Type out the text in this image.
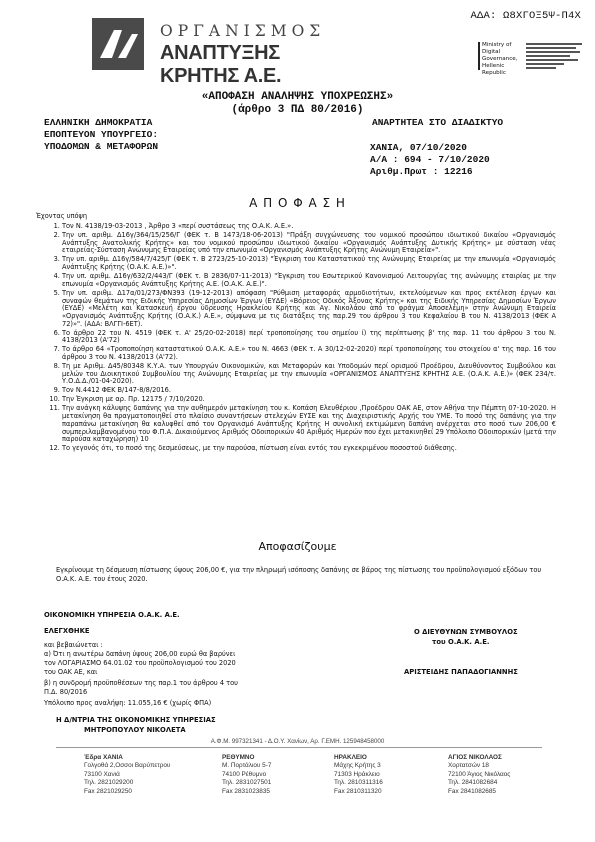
ΑΔΑ: Ω8ΧΓΟΞ5Ψ-Π4Χ
ΟΡΓΑΝΙΣΜΟΣ
ΑΝΑΠΤΥΞΗΣ ΚΡΗΤΗΣ Α.Ε.
Ministry of Digital Governance, Hellenic Republic
«ΑΠΟΦΑΣΗ ΑΝΑΛΗΨΗΣ ΥΠΟΧΡΕΩΣΗΣ»
(άρθρο 3 ΠΔ 80/2016)
ΕΛΛΗΝΙΚΗ ΔΗΜΟΚΡΑΤΙΑ
ΕΠΟΠΤΕΥΟΝ ΥΠΟΥΡΓΕΙΟ:
ΥΠΟΔΟΜΩΝ & ΜΕΤΑΦΟΡΩΝ
ΑΝΑΡΤΗΤΕΑ ΣΤΟ ΔΙΑΔΙΚΤΥΟ
ΧΑΝΙΑ, 07/10/2020
Α/Α : 694 - 7/10/2020
Αριθμ.Πρωτ : 12216
Α Π Ο Φ Α Σ Η
Έχοντας υπόψη
1. Τον Ν. 4138/19-03-2013 , Άρθρο 3 «περί συστάσεως της Ο.Α.Κ. Α.Ε.».
2. Την υπ. αριθμ. Δ16γ/364/15/256/Γ (ΦΕΚ τ. Β 1473/18-06-2013) "Πράξη συγχώνευσης του νομικού προσώπου ιδιωτικού δικαίου «Οργανισμός Ανάπτυξης Ανατολικής Κρήτης» και του νομικού προσώπου ιδιωτικού δικαίου «Οργανισμός Ανάπτυξης Δυτικής Κρήτης» με σύσταση νέας εταιρείας-Σύσταση Ανώνυμης Εταιρείας υπό την επωνυμία «Οργανισμός Ανάπτυξης Κρήτης Ανώνυμη Εταιρεία»".
3. Την υπ. αριθμ. Δ16γ/584/7/425/Γ (ΦΕΚ τ. Β 2723/25-10-2013) "Έγκριση του Καταστατικού της Ανώνυμης Εταιρείας με την επωνυμία «Οργανισμός Ανάπτυξης Κρήτης (Ο.Α.Κ. Α.Ε.)»".
4. Την υπ. αριθμ. Δ16γ/632/2/443/Γ (ΦΕΚ τ. Β 2836/07-11-2013) "Έγκριση του Εσωτερικού Κανονισμού Λειτουργίας της ανώνυμης εταιρίας με την επωνυμία «Οργανισμός Ανάπτυξης Κρήτης Α.Ε. (Ο.Α.Κ. Α.Ε.)".
5. Την υπ. αριθμ. Δ17α/01/273/ΦΝ393 (19-12-2013) απόφαση "Ρύθμιση μεταφοράς αρμοδιοτήτων, εκτελούμενων και προς εκτέλεση έργων και συναφών θεμάτων της Ειδικής Υπηρεσίας Δημοσίων Έργων (ΕΥΔΕ) «Βόρειος Οδικός Άξονας Κρήτης» και της Ειδικής Υπηρεσίας Δημοσίων Έργων (ΕΥΔΕ) «Μελέτη και Κατασκευή έργου ύδρευσης Ηρακλείου Κρήτης και Αγ. Νικολάου από το φράγμα Αποσελέμη» στην Ανώνυμη Εταιρεία «Οργανισμός Ανάπτυξης Κρήτης (Ο.Α.Κ.) Α.Ε.», σύμφωνα με τις διατάξεις της παρ.29 του άρθρου 3 του Κεφαλαίου Β του Ν. 4138/2013 (ΦΕΚ Α 72)»". (ΑΔΑ: ΒΛΓΓΙ-6ΕΤ).
6. Το άρθρο 22 του Ν. 4519 (ΦΕΚ τ. Α' 25/20-02-2018) περί τροποποίησης του σημείου ί) της περίπτωσης β' της παρ. 11 του άρθρου 3 του Ν. 4138/2013 (Α'72)
7. Το άρθρο 64 «Τροποποίηση καταστατικού Ο.Α.Κ. Α.Ε.» του Ν. 4663 (ΦΕΚ τ. Α 30/12-02-2020) περί τροποποίησης του στοιχείου α' της παρ. 16 του άρθρου 3 του Ν. 4138/2013 (Α'72).
8. Τη με Αριθμ. Δ45/80348 Κ.Υ.Α. των Υπουργών Οικονομικών, και Μεταφορών και Υποδομών περί ορισμού Προέδρου, Διευθύνοντος Συμβούλου και μελών του Διοικητικού Συμβουλίου της Ανώνυμης Εταιρείας με την επωνυμία «ΟΡΓΑΝΙΣΜΟΣ ΑΝΑΠΤΥΞΗΣ ΚΡΗΤΗΣ Α.Ε. (Ο.Α.Κ. Α.Ε.)» (ΦΕΚ 234/τ. Υ.Ο.Δ.Δ./01-04-2020).
9. Τον Ν.4412 ΦΕΚ Β/147-8/8/2016.
10. Την Έγκριση με αρ. Πρ. 12175 / 7/10/2020.
11. Την ανάγκη κάλυψης δαπάνης για την αυθημερόν μετακίνηση του κ. Κοπάση Ελευθέριου ,Προέδρου ΟΑΚ ΑΕ, στον Αθήνα την Πέμπτη 07-10-2020. Η μετακίνηση θα πραγματοποιηθεί στο πλαίσιο συναντήσεων στελεχών ΕΥΣΕ και της Διαχειριστικής Αρχής του ΥΜΕ. Το ποσό της δαπάνης για την παραπάνω μετακίνηση θα καλυφθεί από τον Οργανισμό Ανάπτυξης Κρήτης Η συνολική εκτιμώμενη δαπάνη ανέρχεται στο ποσό των 206,00 € συμπεριλαμβανομένου του Φ.Π.Α. Δικαιούμενος Αριθμός Οδοιπορικών 40 Αριθμός Ημερών που έχει μετακινηθεί 29 Υπόλοιπο Οδοιπορικών (μετά την παρούσα καταχώρηση) 10
12. Το γεγονός ότι, το ποσό της δεσμεύσεως, με την παρούσα, πίστωση είναι εντός του εγκεκριμένου ποσοστού διάθεσης.
Αποφασίζουμε
Εγκρίνουμε τη δέσμευση πίστωσης ύψους 206,00 €, για την πληρωμή ισόποσης δαπάνης σε βάρος της πίστωσης του προϋπολογισμού εξόδων του Ο.Α.Κ. Α.Ε. του έτους 2020.
ΟΙΚΟΝΟΜΙΚΗ ΥΠΗΡΕΣΙΑ Ο.Α.Κ. Α.Ε.
ΕΛΕΓΧΘΗΚΕ
και βεβαιώνεται :
α) Ότι η ανωτέρω δαπάνη ύψους 206,00 ευρώ θα βαρύνει
τον ΛΟΓΑΡΙΑΣΜΟ 64.01.02 του προϋπολογισμού του 2020
του ΟΑΚ ΑΕ, και
β) η συνδρομή προϋποθέσεων της παρ.1 του άρθρου 4 του
Π.Δ. 80/2016
Υπόλοιπο προς αναλήψη: 11.055,16 € (χωρίς ΦΠΑ)
Η Δ/ΝΤΡΙΑ ΤΗΣ ΟΙΚΟΝΟΜΙΚΗΣ ΥΠΗΡΕΣΙΑΣ
ΜΗΤΡΟΠΟΥΛΟΥ ΝΙΚΟΛΕΤΑ
Ο ΔΙΕΥΘΥΝΩΝ ΣΥΜΒΟΥΛΟΣ
του Ο.Α.Κ. Α.Ε.
ΑΡΙΣΤΕΙΔΗΣ ΠΑΠΑΔΟΓΙΑΝΝΗΣ
Α.Φ.Μ. 997321341 - Δ.Ο.Υ. Χανίων, Αρ. Γ.ΕΜΗ. 125948458000
Έδρα ΧΑΝΙΑ
Γολγοθά 2,Οσσοι Βαρύπετρου
73100 Χανιά
Τηλ. 2821029200
Fax 2821029250
ΡΕΘΥΜΝΟ
Μ. Πορτάλιου 5-7
74100 Ρέθυμνο
Τηλ. 2831027501
Fax 2831023835
ΗΡΑΚΛΕΙΟ
Μάχης Κρήτης 3
71303 Ηράκλειο
Τηλ. 2810311316
Fax 2810311320
ΑΓΙΟΣ ΝΙΚΟΛΑΟΣ
Χορτατσών 18
72100 Άγιος Νικόλαος
Τηλ. 2841082684
Fax 2841082685
